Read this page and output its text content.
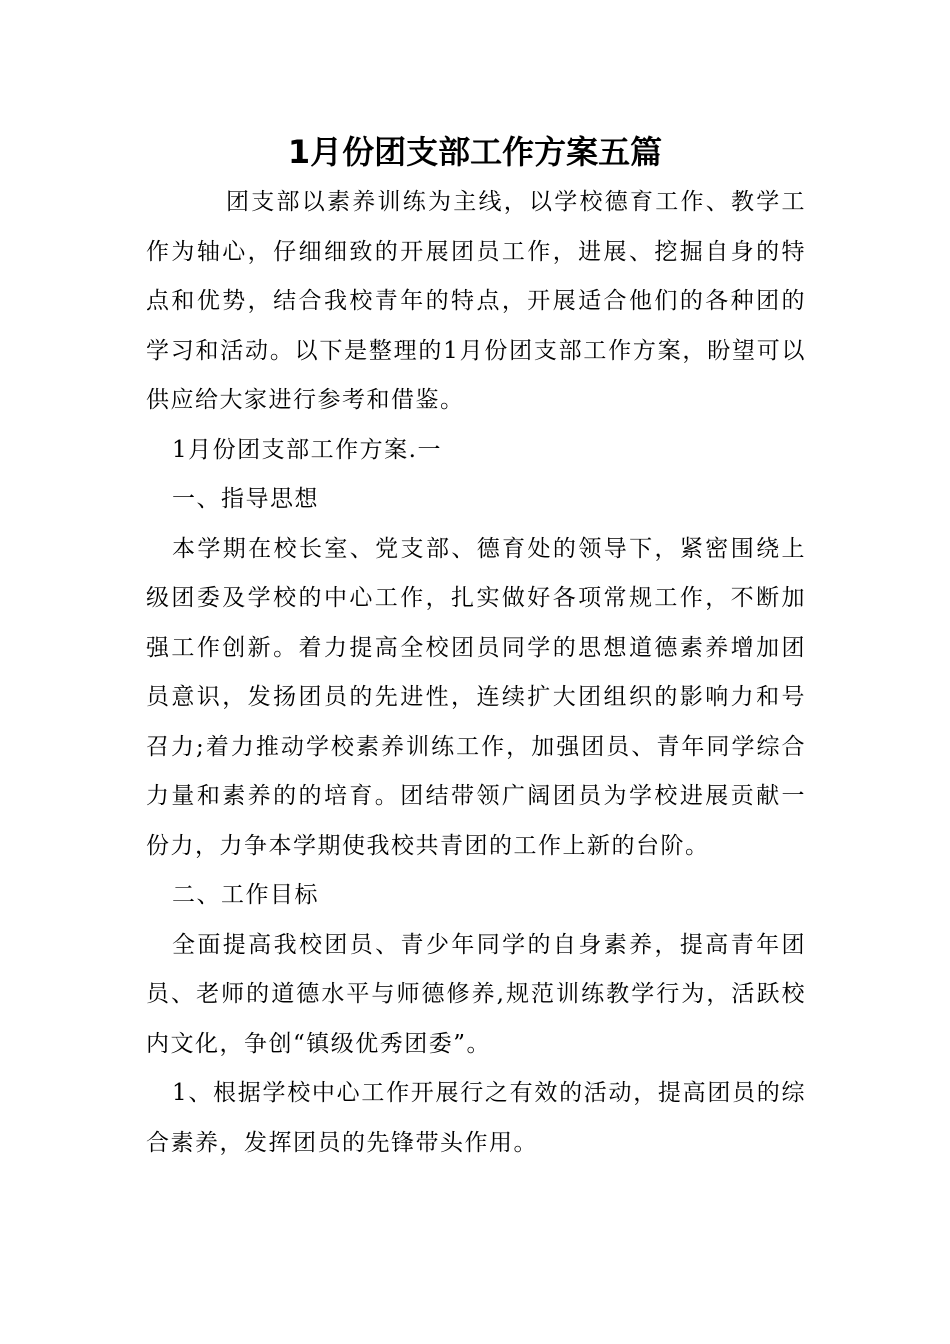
1月份团支部工作方案五篇

团支部以素养训练为主线，以学校德育工作、教学工作为轴心，仔细细致的开展团员工作，进展、挖掘自身的特点和优势，结合我校青年的特点，开展适合他们的各种团的学习和活动。以下是整理的1月份团支部工作方案，盼望可以供应给大家进行参考和借鉴。

1月份团支部工作方案.一

一、指导思想

本学期在校长室、党支部、德育处的领导下，紧密围绕上级团委及学校的中心工作，扎实做好各项常规工作，不断加强工作创新。着力提高全校团员同学的思想道德素养增加团员意识，发扬团员的先进性，连续扩大团组织的影响力和号召力;着力推动学校素养训练工作，加强团员、青年同学综合力量和素养的的培育。团结带领广阔团员为学校进展贡献一份力，力争本学期使我校共青团的工作上新的台阶。

二、工作目标

全面提高我校团员、青少年同学的自身素养，提高青年团员、老师的道德水平与师德修养,规范训练教学行为，活跃校内文化，争创“镇级优秀团委”。

1、根据学校中心工作开展行之有效的活动，提高团员的综合素养，发挥团员的先锋带头作用。
